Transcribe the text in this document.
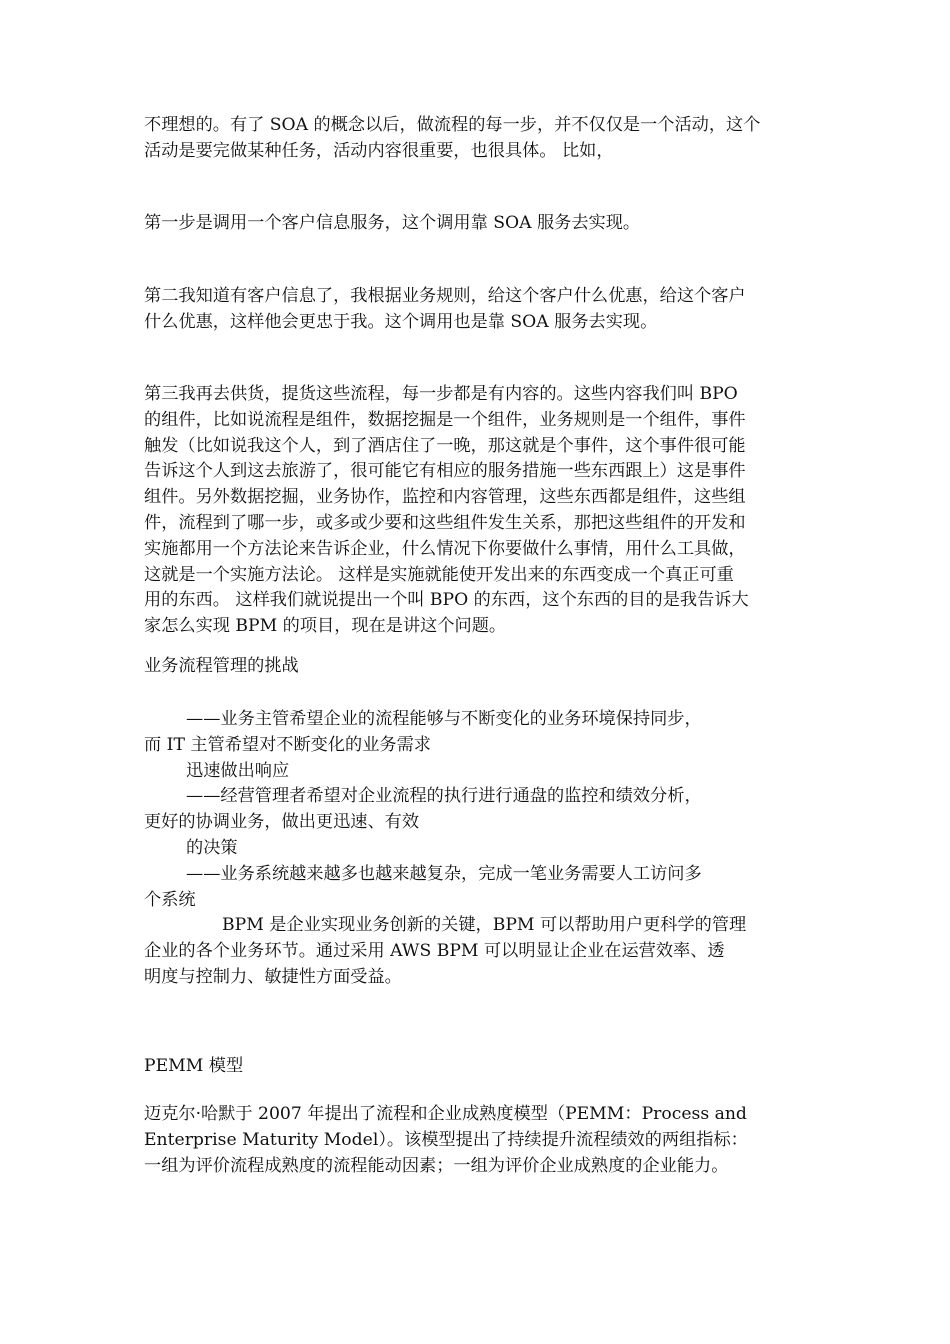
不理想的。有了 SOA 的概念以后，做流程的每一步，并不仅仅是一个活动，这个
活动是要完做某种任务，活动内容很重要，也很具体。 比如，
第一步是调用一个客户信息服务，这个调用靠 SOA 服务去实现。
第二我知道有客户信息了，我根据业务规则，给这个客户什么优惠，给这个客户
什么优惠，这样他会更忠于我。这个调用也是靠 SOA 服务去实现。
第三我再去供货，提货这些流程，每一步都是有内容的。这些内容我们叫 BPO
的组件，比如说流程是组件，数据挖掘是一个组件，业务规则是一个组件，事件
触发（比如说我这个人，到了酒店住了一晚，那这就是个事件，这个事件很可能
告诉这个人到这去旅游了，很可能它有相应的服务措施一些东西跟上）这是事件
组件。另外数据挖掘，业务协作，监控和内容管理，这些东西都是组件，这些组
件，流程到了哪一步，或多或少要和这些组件发生关系，那把这些组件的开发和
实施都用一个方法论来告诉企业，什么情况下你要做什么事情，用什么工具做，
这就是一个实施方法论。 这样是实施就能使开发出来的东西变成一个真正可重
用的东西。 这样我们就说提出一个叫 BPO 的东西，这个东西的目的是我告诉大
家怎么实现 BPM 的项目，现在是讲这个问题。
业务流程管理的挑战
——业务主管希望企业的流程能够与不断变化的业务环境保持同步，
而 IT 主管希望对不断变化的业务需求
迅速做出响应
——经营管理者希望对企业流程的执行进行通盘的监控和绩效分析，
更好的协调业务，做出更迅速、有效
的决策
——业务系统越来越多也越来越复杂，完成一笔业务需要人工访问多
个系统
BPM 是企业实现业务创新的关键，BPM 可以帮助用户更科学的管理
企业的各个业务环节。通过采用 AWS BPM 可以明显让企业在运营效率、透
明度与控制力、敏捷性方面受益。
PEMM 模型
迈克尔·哈默于 2007 年提出了流程和企业成熟度模型（PEMM：Process and
Enterprise Maturity Model）。该模型提出了持续提升流程绩效的两组指标：
一组为评价流程成熟度的流程能动因素；一组为评价企业成熟度的企业能力。
